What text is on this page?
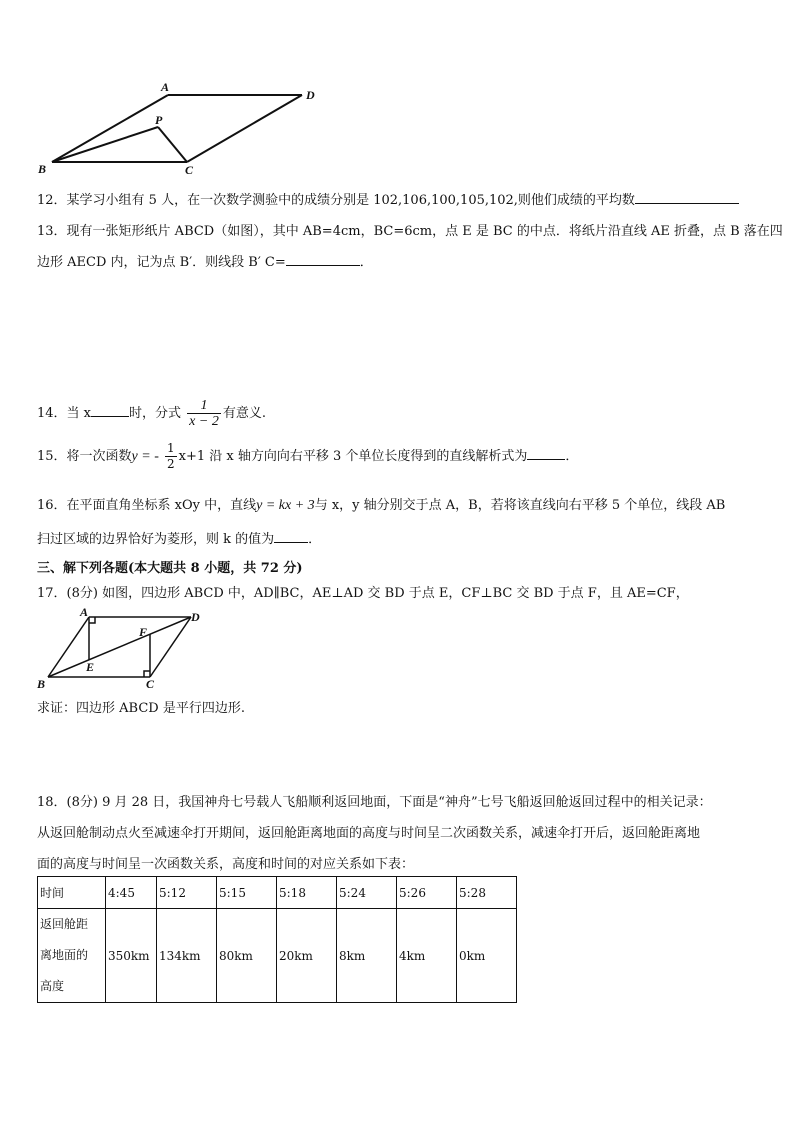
A
D
P
B	C
12．某学习小组有 5 人，在一次数学测验中的成绩分别是 102,106,100,105,102,则他们成绩的平均数
13．现有一张矩形纸片 ABCD（如图），其中 AB=4cm，BC=6cm，点 E 是 BC 的中点．将纸片沿直线 AE 折叠，点 B 落在四
边形 AECD 内，记为点 B′．则线段 B′ C=	．
14．当 x	时，分式 $\frac{1}{x - 2}$ 有意义.
15．将一次函数y = - $\frac{1}{2} x+1$ 沿 x 轴方向向右平移 3 个单位长度得到的直线解析式为	．
16．在平面直角坐标系 xOy 中，直线y = kx + 3与 x，y 轴分别交于点 A，B，若将该直线向右平移 5 个单位，线段 AB
扫过区域的边界恰好为菱形，则 k 的值为	．
三、解下列各题(本大题共 8 小题，共 72 分)
17．(8分) 如图，四边形 ABCD 中，AD∥BC，AE⊥AD 交 BD 于点 E，CF⊥BC 交 BD 于点 F，且 AE=CF，
A	D
F
E
B	C
求证：四边形 ABCD 是平行四边形.
18．(8分) 9 月 28 日，我国神舟七号载人飞船顺利返回地面，下面是“神舟”七号飞船返回舱返回过程中的相关记录：
从返回舱制动点火至减速伞打开期间，返回舱距离地面的高度与时间呈二次函数关系，减速伞打开后，返回舱距离地
面的高度与时间呈一次函数关系，高度和时间的对应关系如下表：
时间	4:45	5:12	5:15	5:18	5:24	5:26	5:28

返回舱距
离地面的
高度	350km	134km	80km	20km	8km	4km	0km
